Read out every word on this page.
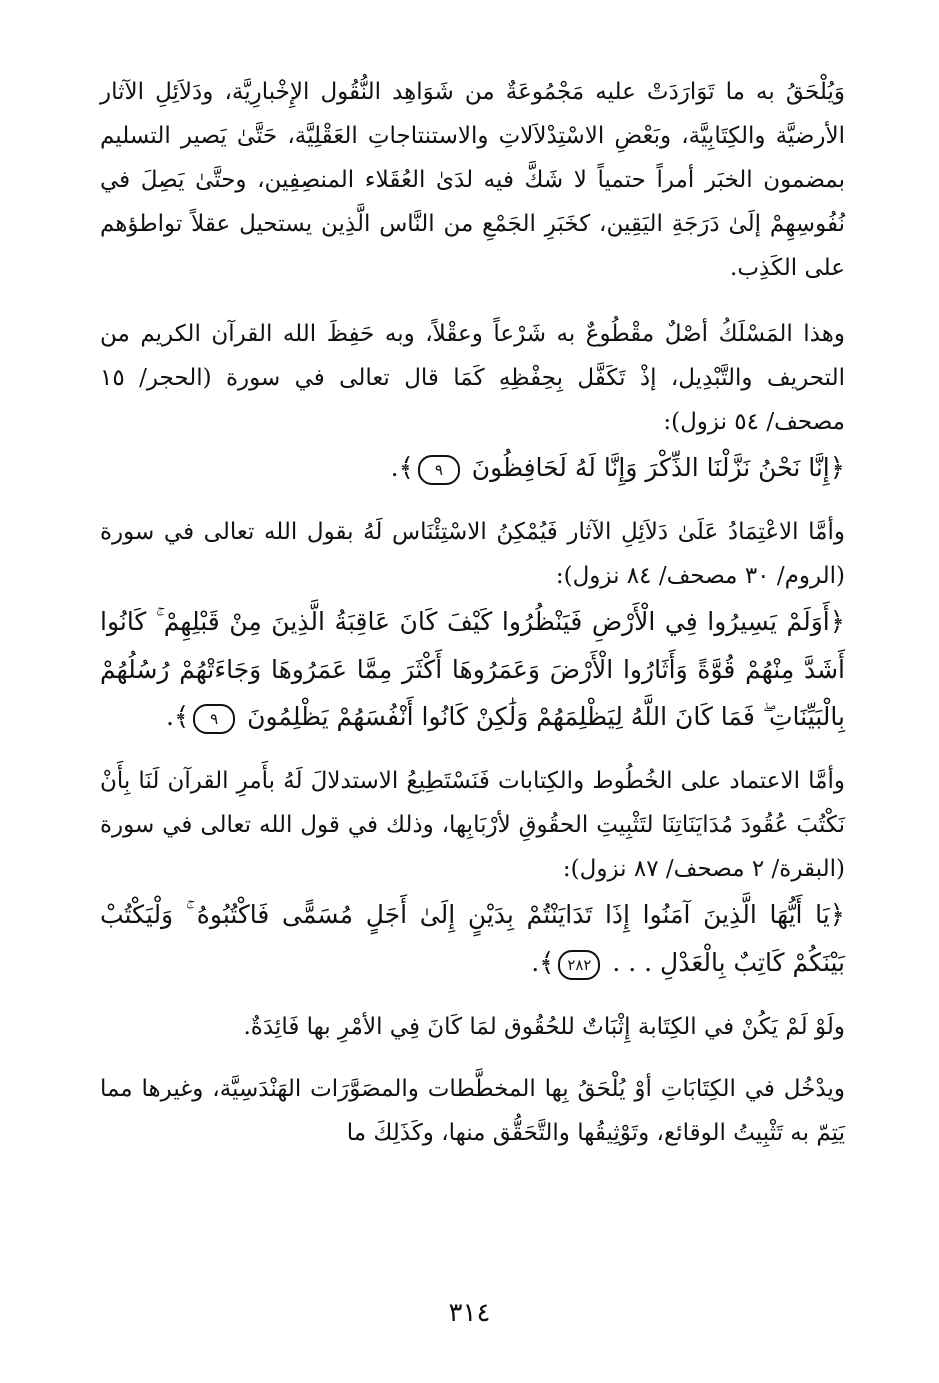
وَيُلْحَقُ به ما تَوَارَدَتْ عليه مَجْمُوعَةٌ من شَوَاهِد النُّقُول الإِخْبارِيَّة، ودَلاَئِلِ الآثار الأرضيَّة والكِتَابِيَّة، وبَعْضِ الاسْتِدْلاَلاتِ والاستنتاجاتِ العَقْلِيَّة، حَتَّىٰ يَصير التسليم بمضمون الخبَر أمراً حتمياً لا شَكَّ فيه لدَىٰ العُقَلاء المنصِفِين، وحتَّىٰ يَصِلَ في نُفُوسِهِمْ إلَىٰ دَرَجَةِ اليَقِين، كخَبَرِ الجَمْعِ من النَّاس الَّذِين يستحيل عقلاً تواطؤهم على الكَذِب.

وهذا المَسْلَكُ أصْلٌ مقْطُوعٌ به شَرْعاً وعقْلاً، وبه حَفِظَ الله القرآن الكريم من التحريف والتَّبْدِيل، إذْ تَكَفَّل بِحِفْظِهِ كَمَا قال تعالى في سورة (الحجر/ ١٥ مصحف/ ٥٤ نزول):

﴿إِنَّا نَحْنُ نَزَّلْنَا الذِّكْرَ وَإِنَّا لَهُ لَحَافِظُونَ ٩﴾.

وأمَّا الاعْتِمَادُ عَلَىٰ دَلاَئِلِ الآثار فَيُمْكِنُ الاسْتِئْنَاس لَهُ بقول الله تعالى في سورة (الروم/ ٣٠ مصحف/ ٨٤ نزول):

﴿أَوَلَمْ يَسِيرُوا فِي الْأَرْضِ فَيَنْظُرُوا كَيْفَ كَانَ عَاقِبَةُ الَّذِينَ مِنْ قَبْلِهِمْ ۚ كَانُوا أَشَدَّ مِنْهُمْ قُوَّةً وَأَثَارُوا الْأَرْضَ وَعَمَرُوهَا أَكْثَرَ مِمَّا عَمَرُوهَا وَجَاءَتْهُمْ رُسُلُهُمْ بِالْبَيِّنَاتِ ۖ فَمَا كَانَ اللَّهُ لِيَظْلِمَهُمْ وَلَٰكِنْ كَانُوا أَنْفُسَهُمْ يَظْلِمُونَ ٩﴾.

وأمَّا الاعتماد على الخُطُوط والكِتابات فَنَسْتَطِيعُ الاستدلالَ لَهُ بأَمرِ القرآن لَنَا بِأَنْ نَكْتُبَ عُقُودَ مُدَايَنَاتِنَا لتَثْبِيتِ الحقُوقِ لأرْبَابِها، وذلك في قول الله تعالى في سورة (البقرة/ ٢ مصحف/ ٨٧ نزول):

﴿يَا أَيُّهَا الَّذِينَ آمَنُوا إِذَا تَدَايَنْتُمْ بِدَيْنٍ إِلَىٰ أَجَلٍ مُسَمًّى فَاكْتُبُوهُ ۚ وَلْيَكْتُبْ بَيْنَكُمْ كَاتِبٌ بِالْعَدْلِ . . . ٢٨٢﴾.

ولَوْ لَمْ يَكُنْ في الكِتَابة إِثْبَاتٌ للحُقُوق لمَا كَانَ فِي الأمْرِ بها فَائِدَةٌ.

ويدْخُل في الكِتَابَاتِ أوْ يُلْحَقُ بِها المخطَّطات والمصَوَّرَات الهَنْدَسِيَّة، وغيرها مما يَتِمّ به تَثْبِيتُ الوقائع، وتَوْثِيقُها والتَّحَقُّق منها، وكَذَلِكَ ما

٣١٤
